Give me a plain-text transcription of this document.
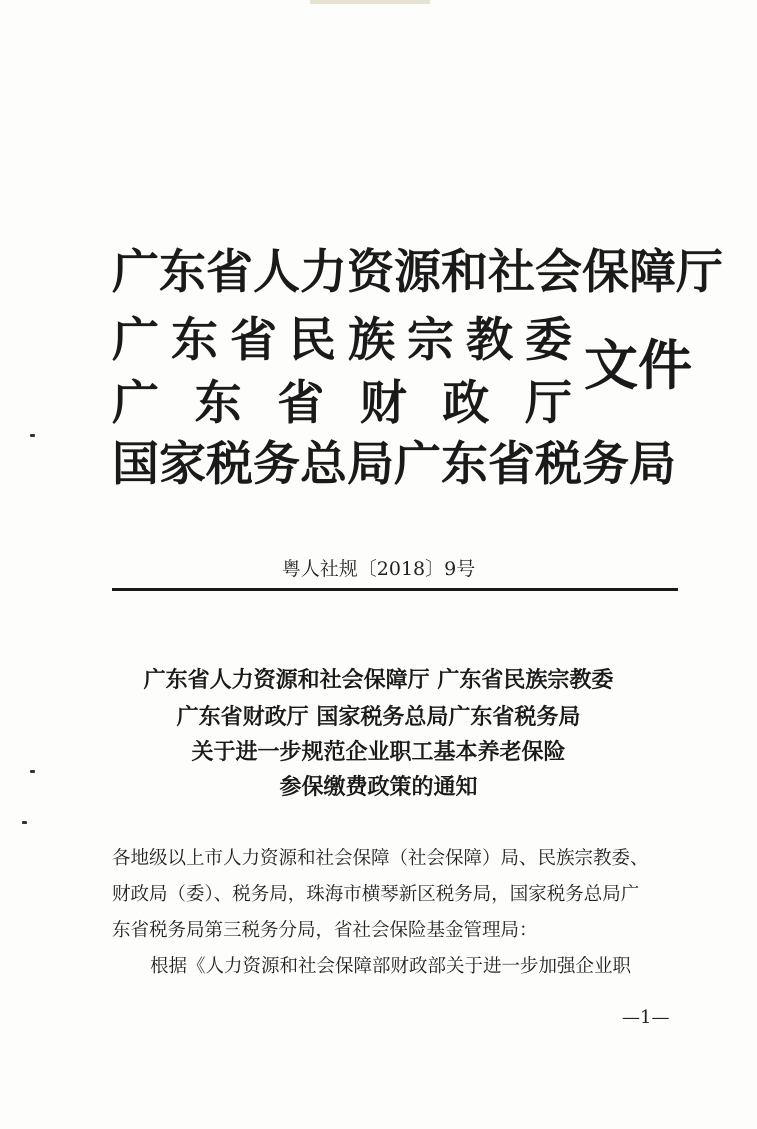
广 东 省 人 力 资 源 和 社 会 保 障 厅
广 东 省 民 族 宗 教 委
广 东 省 财 政 厅
国 家 税 务 总 局 广 东 省 税 务 局
文件
粤人社规〔2018〕9号
广东省人力资源和社会保障厅 广东省民族宗教委
广东省财政厅 国家税务总局广东省税务局
关于进一步规范企业职工基本养老保险
参保缴费政策的通知
各地级以上市人力资源和社会保障（社会保障）局、民族宗教委、
财政局（委）、税务局，珠海市横琴新区税务局，国家税务总局广
东省税务局第三税务分局，省社会保险基金管理局：
根据《人力资源和社会保障部财政部关于进一步加强企业职
—1—
